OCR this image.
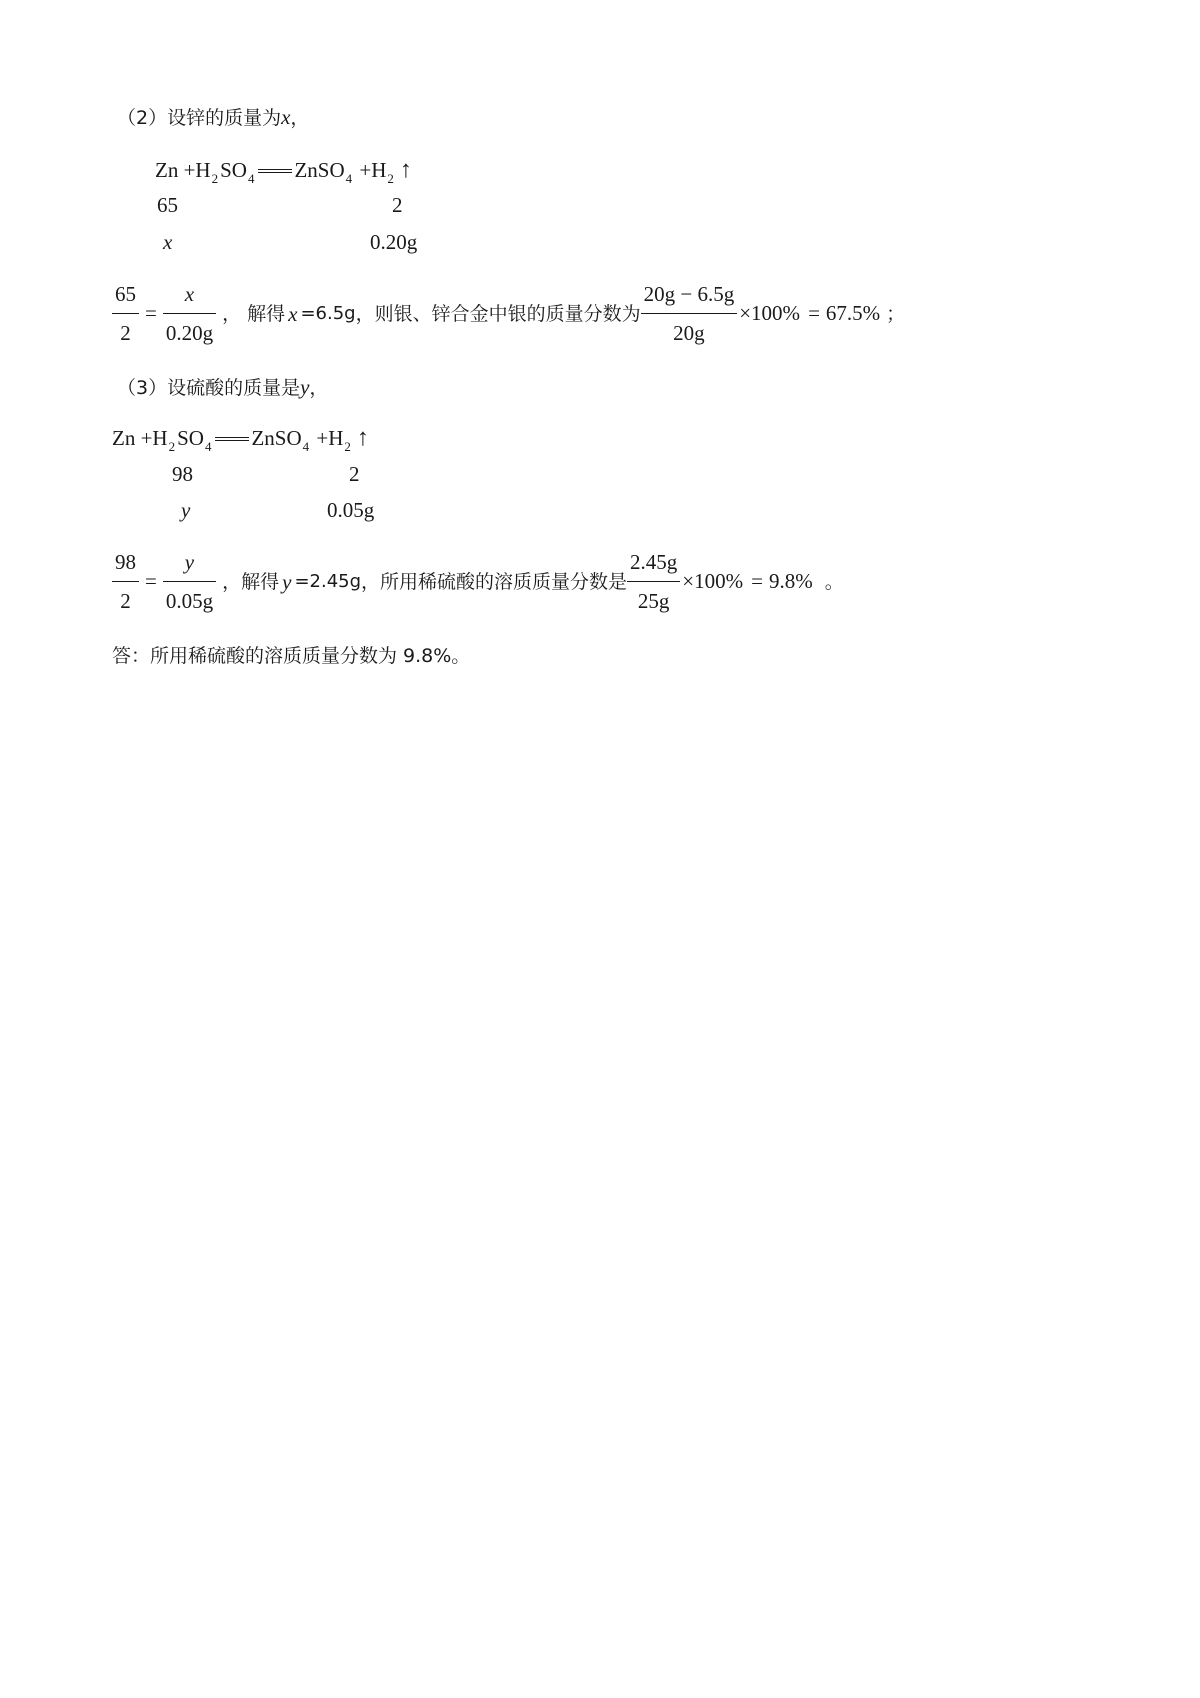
（2）设锌的质量为x，
$Zn +H_2SO_4$ ZnSO$_4$ $+H_2$ ↑
65	2
x	0.20g
$\frac{65}{2} = \frac{x}{0.20g}$ ， 解得 x =6.5g ，则银、锌合金中银的质量分数为 $\frac{20g - 6.5g}{20g} \times 100\% = 67.5\%$ ；
（3）设硫酸的质量是y，
$Zn +H_2SO_4$ ZnSO$_4$ $+H_2$ ↑
98	2
y	0.05g
$\frac{98}{2} = \frac{y}{0.05g}$ ，解得 y =2.45g ，所用稀硫酸的溶质质量分数是 $\frac{2.45g}{25g} \times 100\% = 9.8\%$ 。
答：所用稀硫酸的溶质质量分数为 9.8%。
